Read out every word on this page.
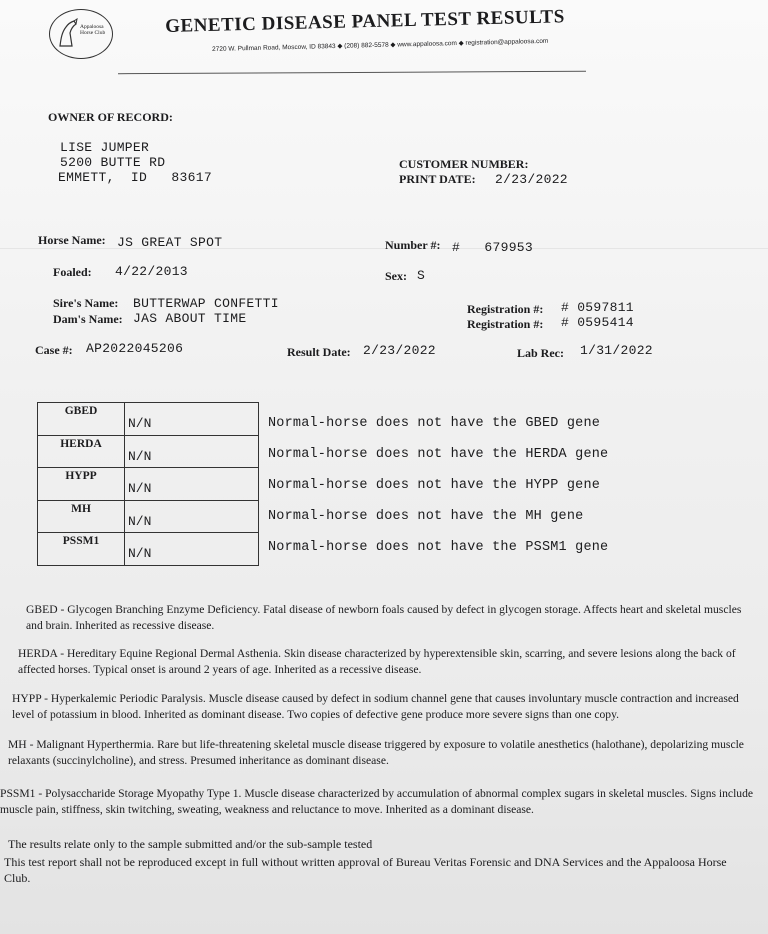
Appaloosa Horse Club	GENETIC DISEASE PANEL TEST RESULTS
2720 W. Pullman Road, Moscow, ID 83843 ◆ (208) 882-5578 ◆ www.appaloosa.com ◆ registration@appaloosa.com
OWNER OF RECORD:
LISE JUMPER
5200 BUTTE RD
EMMETT,  ID   83617
CUSTOMER NUMBER:
PRINT DATE: 2/23/2022
Horse Name: JS GREAT SPOT	Number #: #   679953
Foaled: 4/22/2013	Sex: S
Sire's Name: BUTTERWAP CONFETTI
Dam's Name: JAS ABOUT TIME
Registration #: # 0597811
Registration #: # 0595414
Case #: AP2022045206	Result Date: 2/23/2022	Lab Rec: 1/31/2022
GBED	N/N
HERDA	N/N
HYPP	N/N
MH	N/N
PSSM1	N/N
Normal-horse does not have the GBED gene
Normal-horse does not have the HERDA gene
Normal-horse does not have the HYPP gene
Normal-horse does not have the MH gene
Normal-horse does not have the PSSM1 gene
GBED - Glycogen Branching Enzyme Deficiency. Fatal disease of newborn foals caused by defect in glycogen storage. Affects heart and skeletal muscles and brain. Inherited as recessive disease.
HERDA - Hereditary Equine Regional Dermal Asthenia. Skin disease characterized by hyperextensible skin, scarring, and severe lesions along the back of affected horses. Typical onset is around 2 years of age. Inherited as a recessive disease.
HYPP - Hyperkalemic Periodic Paralysis. Muscle disease caused by defect in sodium channel gene that causes involuntary muscle contraction and increased level of potassium in blood. Inherited as dominant disease. Two copies of defective gene produce more severe signs than one copy.
MH - Malignant Hyperthermia. Rare but life-threatening skeletal muscle disease triggered by exposure to volatile anesthetics (halothane), depolarizing muscle relaxants (succinylcholine), and stress. Presumed inheritance as dominant disease.
PSSM1 - Polysaccharide Storage Myopathy Type 1. Muscle disease characterized by accumulation of abnormal complex sugars in skeletal muscles. Signs include muscle pain, stiffness, skin twitching, sweating, weakness and reluctance to move. Inherited as a dominant disease.
The results relate only to the sample submitted and/or the sub-sample tested
This test report shall not be reproduced except in full without written approval of Bureau Veritas Forensic and DNA Services and the Appaloosa Horse Club.
